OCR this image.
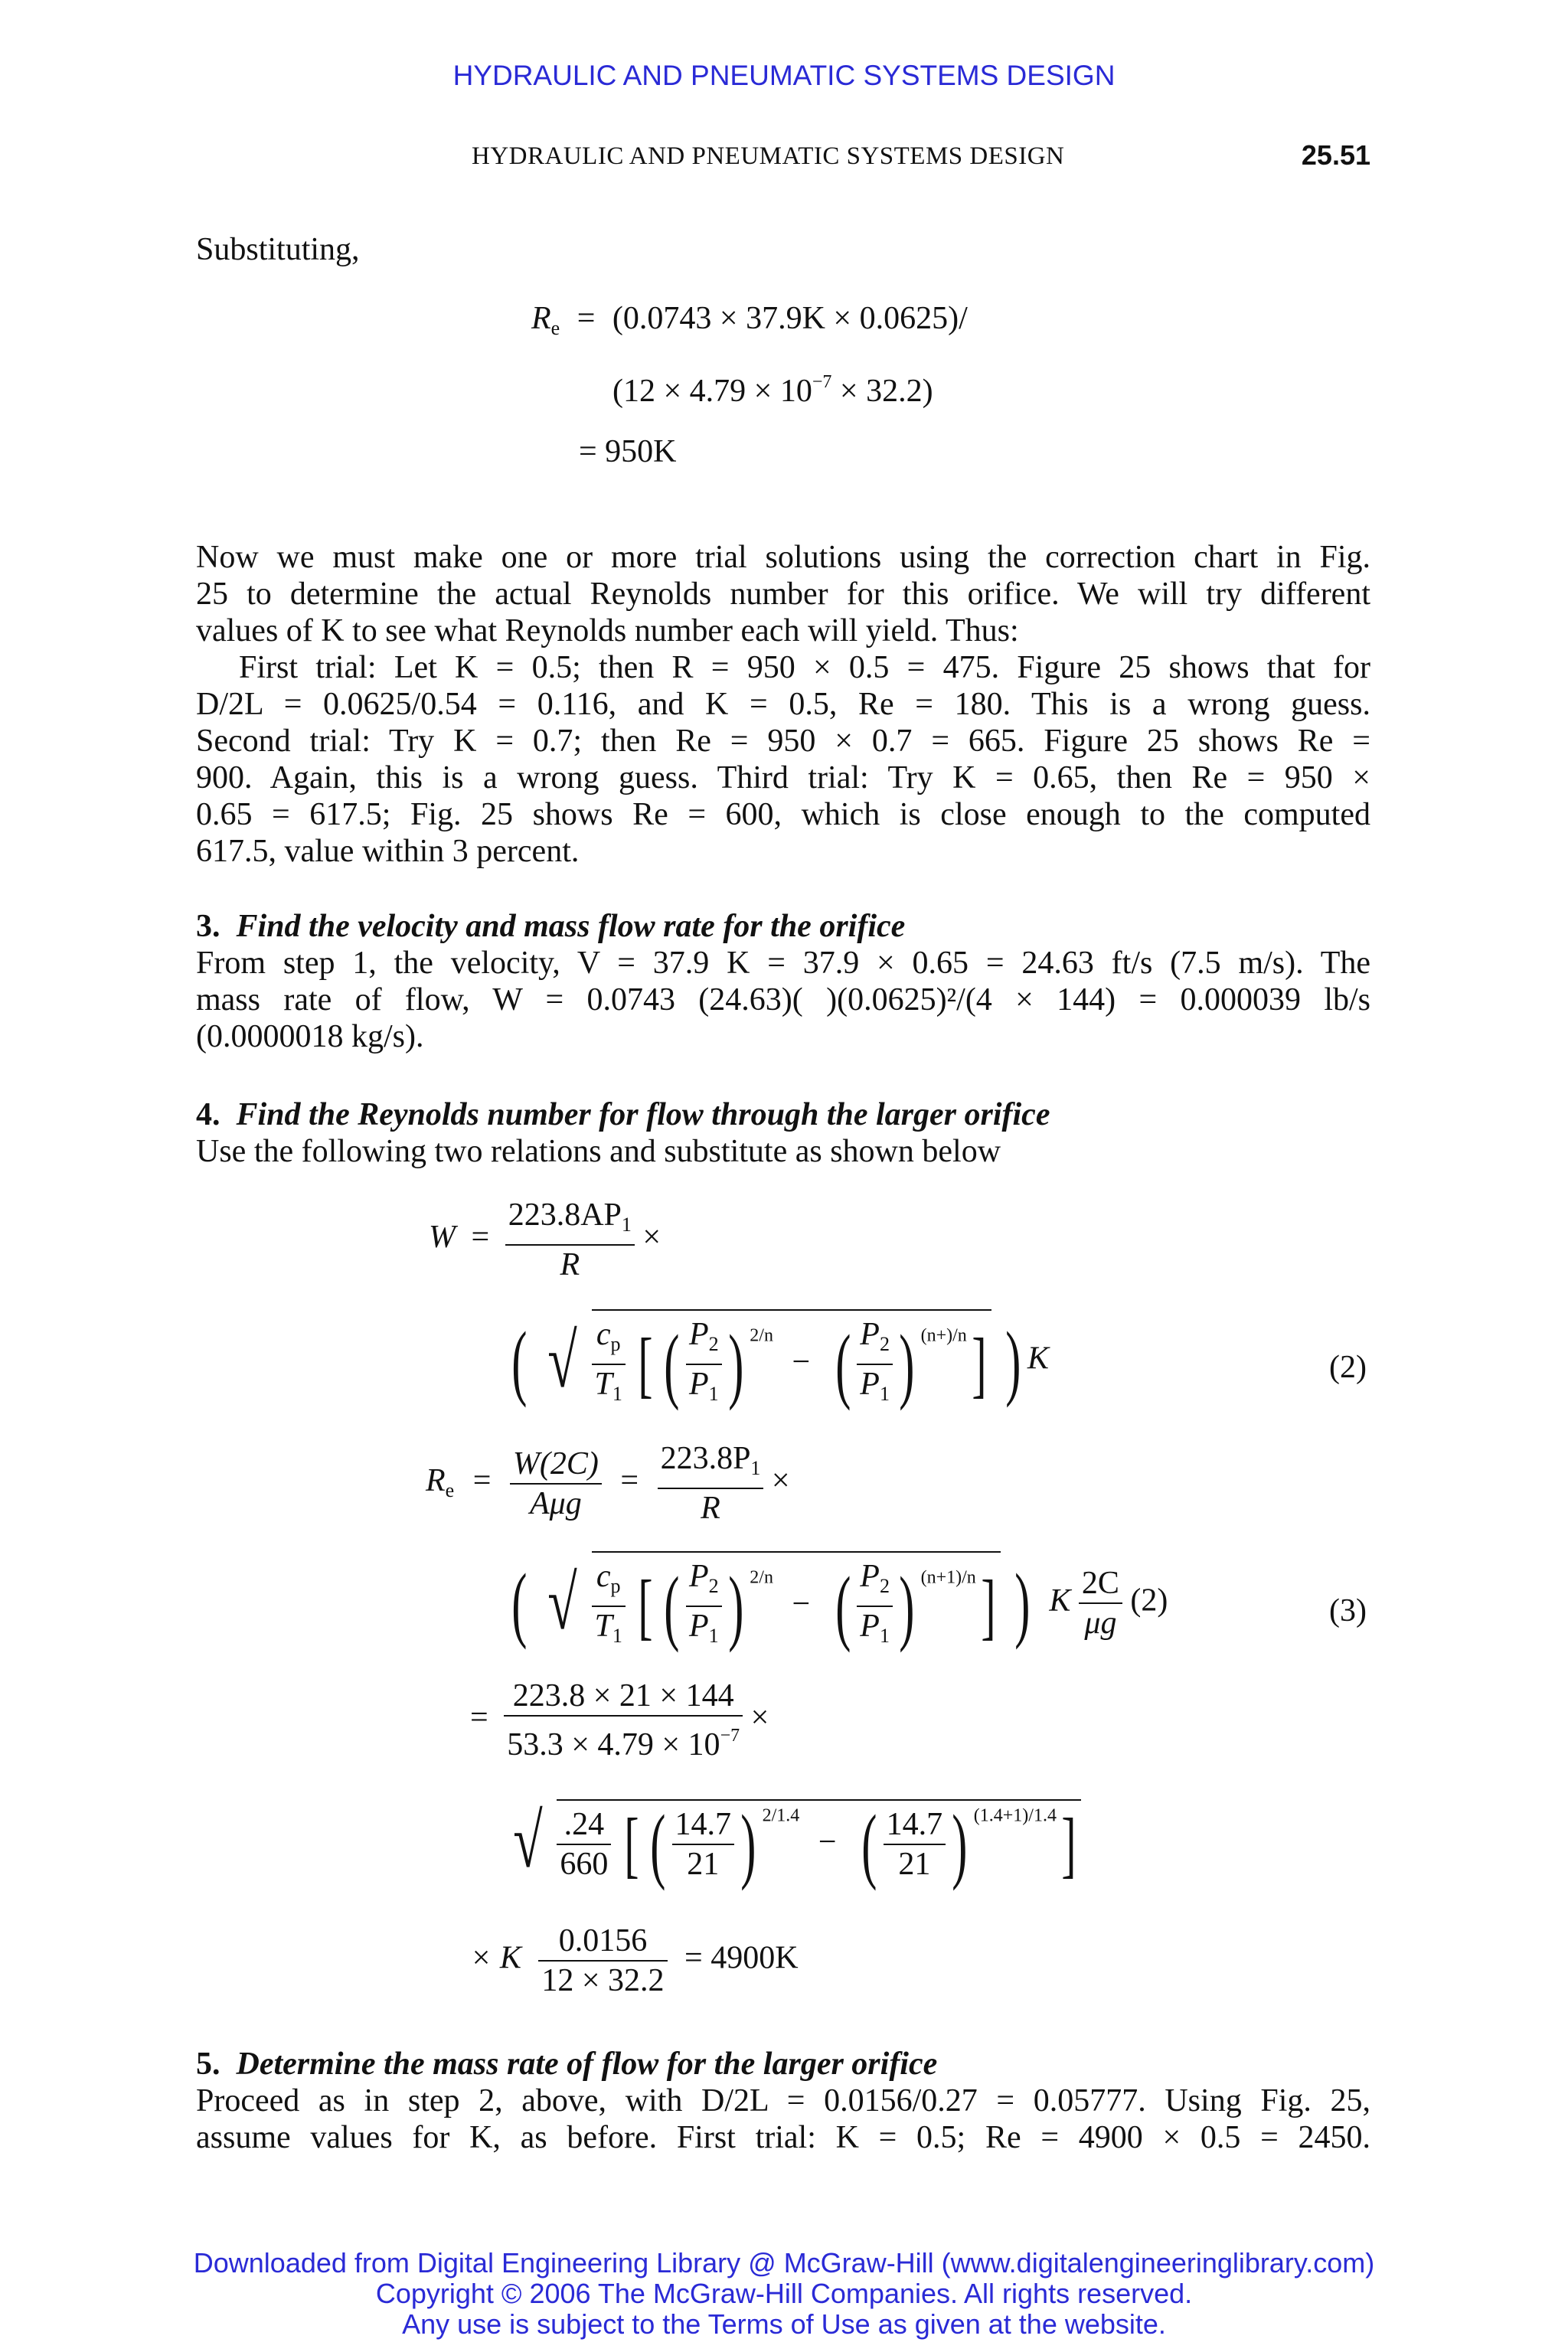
HYDRAULIC AND PNEUMATIC SYSTEMS DESIGN
HYDRAULIC AND PNEUMATIC SYSTEMS DESIGN	25.51
Substituting,
$R_e = (0.0743 \times 37.9K \times 0.0625)/$
$(12 \times 4.79 \times 10^{-7} \times 32.2)$
= 950K
Now we must make one or more trial solutions using the correction chart in Fig.
25 to determine the actual Reynolds number for this orifice. We will try different
values of K to see what Reynolds number each will yield. Thus:
First trial: Let K = 0.5; then R = 950 × 0.5 = 475. Figure 25 shows that for
D/2L = 0.0625/0.54 = 0.116, and K = 0.5, Re = 180. This is a wrong guess.
Second trial: Try K = 0.7; then Re = 950 × 0.7 = 665. Figure 25 shows Re =
900. Again, this is a wrong guess. Third trial: Try K = 0.65, then Re = 950 ×
0.65 = 617.5; Fig. 25 shows Re = 600, which is close enough to the computed
617.5, value within 3 percent.
3. Find the velocity and mass flow rate for the orifice
From step 1, the velocity, V = 37.9 K = 37.9 × 0.65 = 24.63 ft/s (7.5 m/s). The
mass rate of flow, W = 0.0743 (24.63)( )(0.0625)²/(4 × 144) = 0.000039 lb/s
(0.0000018 kg/s).
4. Find the Reynolds number for flow through the larger orifice
Use the following two relations and substitute as shown below
$W = \frac{223.8AP_1}{R}$ ×
( √ $\frac{c_p}{T_1}$ [ ( $\frac{P_2}{P_1}$ ) $^{2/n}$ − ( $\frac{P_2}{P_1}$ ) $^{(n+)/n}$] ) K	(2)
$R_e = \frac{W(2C)}{\text{Aμg}} = \frac{223.8P_1}{R}$ ×
( √ $\frac{c_p}{T_1}$ [ ( $\frac{P_2}{P_1}$ ) $^{2/n}$ − ( $\frac{P_2}{P_1}$ ) $^{(n+1)/n}$] ) K $\frac{2C}{\mu g} (2)$	(3)
= $\frac{223.8 \times 21 \times 144}{53.3 \times 4.79 \times 10^{-7}}$ ×
√ $\frac{.24}{660}$ [ ( $\frac{14.7}{21}$ ) $^{2/1.4}$ − ( $\frac{14.7}{21}$ ) $^{(1.4+1)/1.4}$]
× K $\frac{0.0156}{12 \times 32.2} = 4900K$
5. Determine the mass rate of flow for the larger orifice
Proceed as in step 2, above, with D/2L = 0.0156/0.27 = 0.05777. Using Fig. 25,
assume values for K, as before. First trial: K = 0.5; Re = 4900 × 0.5 = 2450.
Downloaded from Digital Engineering Library @ McGraw-Hill (www.digitalengineeringlibrary.com)
Copyright © 2006 The McGraw-Hill Companies. All rights reserved.
Any use is subject to the Terms of Use as given at the website.
